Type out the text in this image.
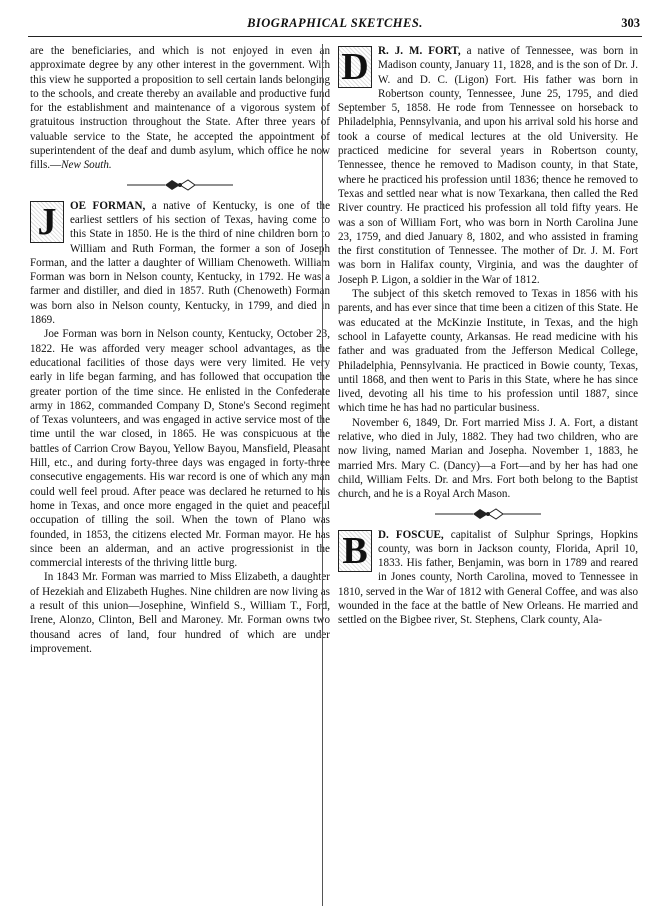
BIOGRAPHICAL SKETCHES.	303

are the beneficiaries, and which is not enjoyed in even an approximate degree by any other interest in the government. With this view he supported a proposition to sell certain lands belonging to the schools, and create thereby an available and productive fund for the establishment and maintenance of a vigorous system of gratuitous instruction throughout the State. After three years of valuable service to the State, he accepted the appointment of superintendent of the deaf and dumb asylum, which office he now fills.—New South.

J	OE FORMAN, a native of Kentucky, is one of the earliest settlers of his section of Texas, having come to this State in 1850. He is the third of nine children born to William and Ruth Forman, the former a son of Joseph Forman, and the latter a daughter of William Chenoweth. William Forman was born in Nelson county, Kentucky, in 1792. He was a farmer and distiller, and died in 1857. Ruth (Chenoweth) Forman was born also in Nelson county, Kentucky, in 1799, and died in 1869.

Joe Forman was born in Nelson county, Kentucky, October 23, 1822. He was afforded very meager school advantages, as the educational facilities of those days were very limited. He very early in life began farming, and has followed that occupation the greater portion of the time since. He enlisted in the Confederate army in 1862, commanded Company D, Stone's Second regiment of Texas volunteers, and was engaged in active service most of the time until the war closed, in 1865. He was conspicuous at the battles of Carrion Crow Bayou, Yellow Bayou, Mansfield, Pleasant Hill, etc., and during forty-three days was engaged in forty-three consecutive engagements. His war record is one of which any man could well feel proud. After peace was declared he returned to his home in Texas, and once more engaged in the quiet and peaceful occupation of tilling the soil. When the town of Plano was founded, in 1853, the citizens elected Mr. Forman mayor. He has since been an alderman, and an active progressionist in the commercial interests of the thriving little burg.

In 1843 Mr. Forman was married to Miss Elizabeth, a daughter of Hezekiah and Elizabeth Hughes. Nine children are now living as a result of this union—Josephine, Winfield S., William T., Ford, Irene, Alonzo, Clinton, Bell and Maroney. Mr. Forman owns two thousand acres of land, four hundred of which are under improvement.

D R. J. M. FORT, a native of Tennessee, was born in Madison county, January 11, 1828, and is the son of Dr. J. W. and D. C. (Ligon) Fort. His father was born in Robertson county, Tennessee, June 25, 1795, and died September 5, 1858. He rode from Tennessee on horseback to Philadelphia, Pennsylvania, and upon his arrival sold his horse and took a course of medical lectures at the old University. He practiced medicine for several years in Robertson county, Tennessee, thence he removed to Madison county, in that State, where he practiced his profession until 1836; thence he removed to Texas and settled near what is now Texarkana, then called the Red River country. He practiced his profession all told fifty years. He was a son of William Fort, who was born in North Carolina June 23, 1759, and died January 8, 1802, and who assisted in framing the first constitution of Tennessee. The mother of Dr. J. M. Fort was born in Halifax county, Virginia, and was the daughter of Joseph P. Ligon, a soldier in the War of 1812.

The subject of this sketch removed to Texas in 1856 with his parents, and has ever since that time been a citizen of this State. He was educated at the McKinzie Institute, in Texas, and the high school in Lafayette county, Arkansas. He read medicine with his father and was graduated from the Jefferson Medical College, Philadelphia, Pennsylvania. He practiced in Bowie county, Texas, until 1868, and then went to Paris in this State, where he has since lived, devoting all his time to his profession until 1887, since which time he has had no particular business.

November 6, 1849, Dr. Fort married Miss J. A. Fort, a distant relative, who died in July, 1882. They had two children, who are now living, named Marian and Josepha. November 1, 1883, he married Mrs. Mary C. (Dancy)—a Fort—and by her has had one child, William Felts. Dr. and Mrs. Fort both belong to the Baptist church, and he is a Royal Arch Mason.

B D. FOSCUE, capitalist of Sulphur Springs, Hopkins county, was born in Jackson county, Florida, April 10, 1833. His father, Benjamin, was born in 1789 and reared in Jones county, North Carolina, moved to Tennessee in 1810, served in the War of 1812 with General Coffee, and was also wounded in the face at the battle of New Orleans. He married and settled on the Bigbee river, St. Stephens, Clark county, Ala-
